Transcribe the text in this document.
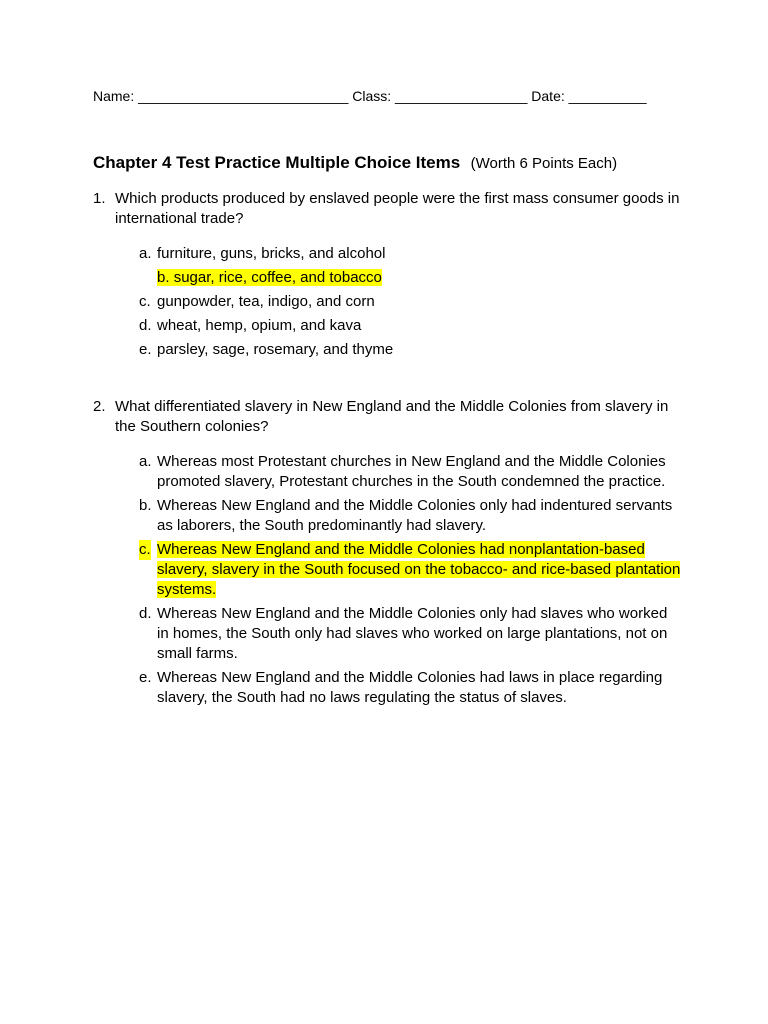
Name: ___________________________ Class: _________________ Date: __________
Chapter 4 Test Practice Multiple Choice Items (Worth 6 Points Each)
1. Which products produced by enslaved people were the first mass consumer goods in international trade?
a. furniture, guns, bricks, and alcohol
b. sugar, rice, coffee, and tobacco
c. gunpowder, tea, indigo, and corn
d. wheat, hemp, opium, and kava
e. parsley, sage, rosemary, and thyme
2. What differentiated slavery in New England and the Middle Colonies from slavery in the Southern colonies?
a. Whereas most Protestant churches in New England and the Middle Colonies promoted slavery, Protestant churches in the South condemned the practice.
b. Whereas New England and the Middle Colonies only had indentured servants as laborers, the South predominantly had slavery.
c. Whereas New England and the Middle Colonies had nonplantation-based slavery, slavery in the South focused on the tobacco- and rice-based plantation systems.
d. Whereas New England and the Middle Colonies only had slaves who worked in homes, the South only had slaves who worked on large plantations, not on small farms.
e. Whereas New England and the Middle Colonies had laws in place regarding slavery, the South had no laws regulating the status of slaves.
